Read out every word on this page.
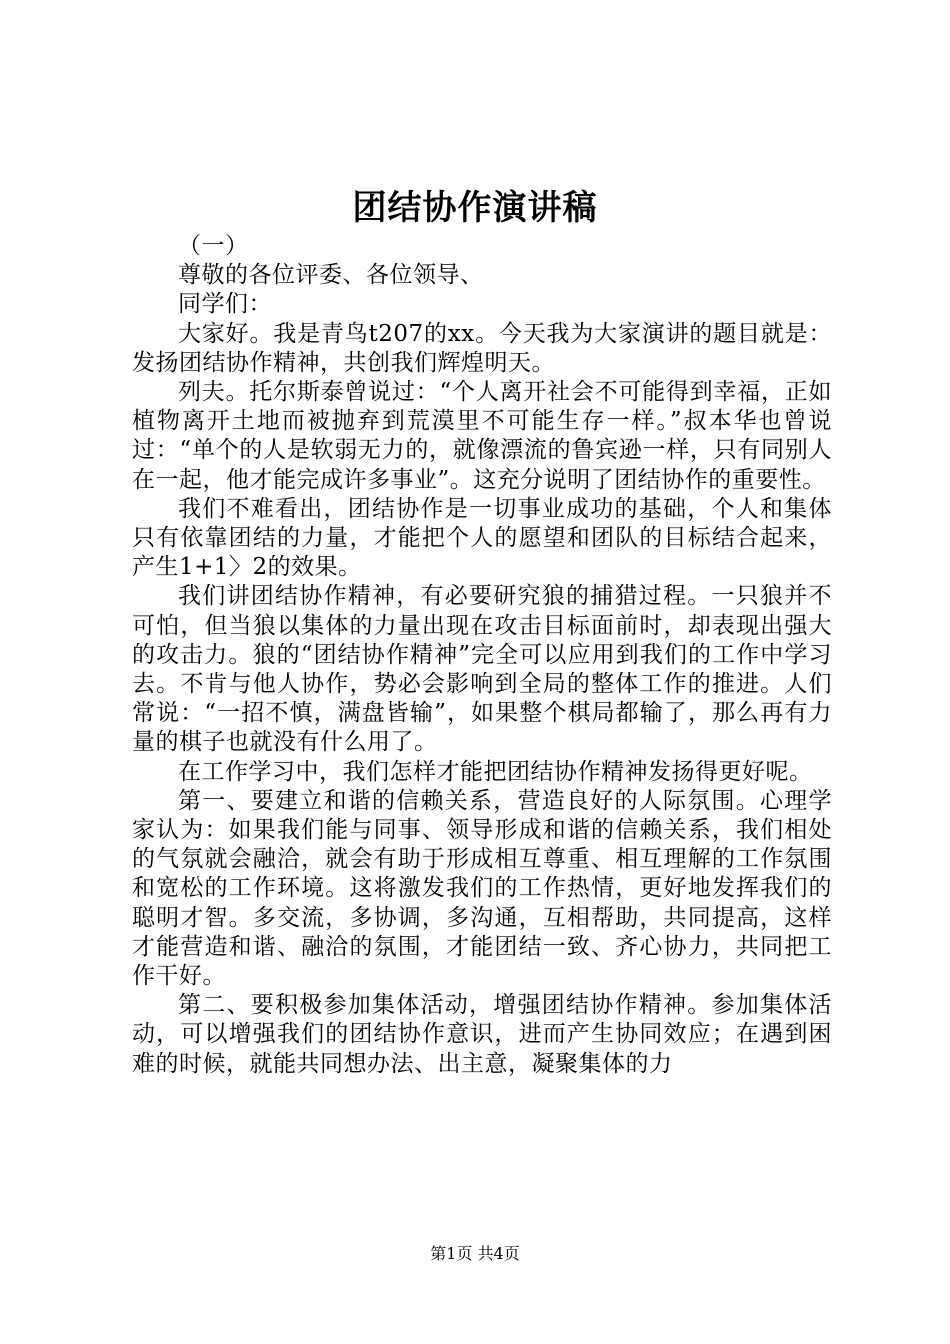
团结协作演讲稿

（一）

尊敬的各位评委、各位领导、

同学们：

大家好。我是青鸟t207的xx。今天我为大家演讲的题目就是：发扬团结协作精神，共创我们辉煌明天。

列夫。托尔斯泰曾说过：“个人离开社会不可能得到幸福，正如植物离开土地而被抛弃到荒漠里不可能生存一样。”叔本华也曾说过：“单个的人是软弱无力的，就像漂流的鲁宾逊一样，只有同别人在一起，他才能完成许多事业”。这充分说明了团结协作的重要性。

我们不难看出，团结协作是一切事业成功的基础，个人和集体只有依靠团结的力量，才能把个人的愿望和团队的目标结合起来，产生1+1〉2的效果。

我们讲团结协作精神，有必要研究狼的捕猎过程。一只狼并不可怕，但当狼以集体的力量出现在攻击目标面前时，却表现出强大的攻击力。狼的“团结协作精神”完全可以应用到我们的工作中学习去。不肯与他人协作，势必会影响到全局的整体工作的推进。人们常说：“一招不慎，满盘皆输”，如果整个棋局都输了，那么再有力量的棋子也就没有什么用了。

在工作学习中，我们怎样才能把团结协作精神发扬得更好呢。

第一、要建立和谐的信赖关系，营造良好的人际氛围。心理学家认为：如果我们能与同事、领导形成和谐的信赖关系，我们相处的气氛就会融洽，就会有助于形成相互尊重、相互理解的工作氛围和宽松的工作环境。这将激发我们的工作热情，更好地发挥我们的聪明才智。多交流，多协调，多沟通，互相帮助，共同提高，这样才能营造和谐、融洽的氛围，才能团结一致、齐心协力，共同把工作干好。

第二、要积极参加集体活动，增强团结协作精神。参加集体活动，可以增强我们的团结协作意识，进而产生协同效应；在遇到困难的时候，就能共同想办法、出主意，凝聚集体的力

第1页 共4页
